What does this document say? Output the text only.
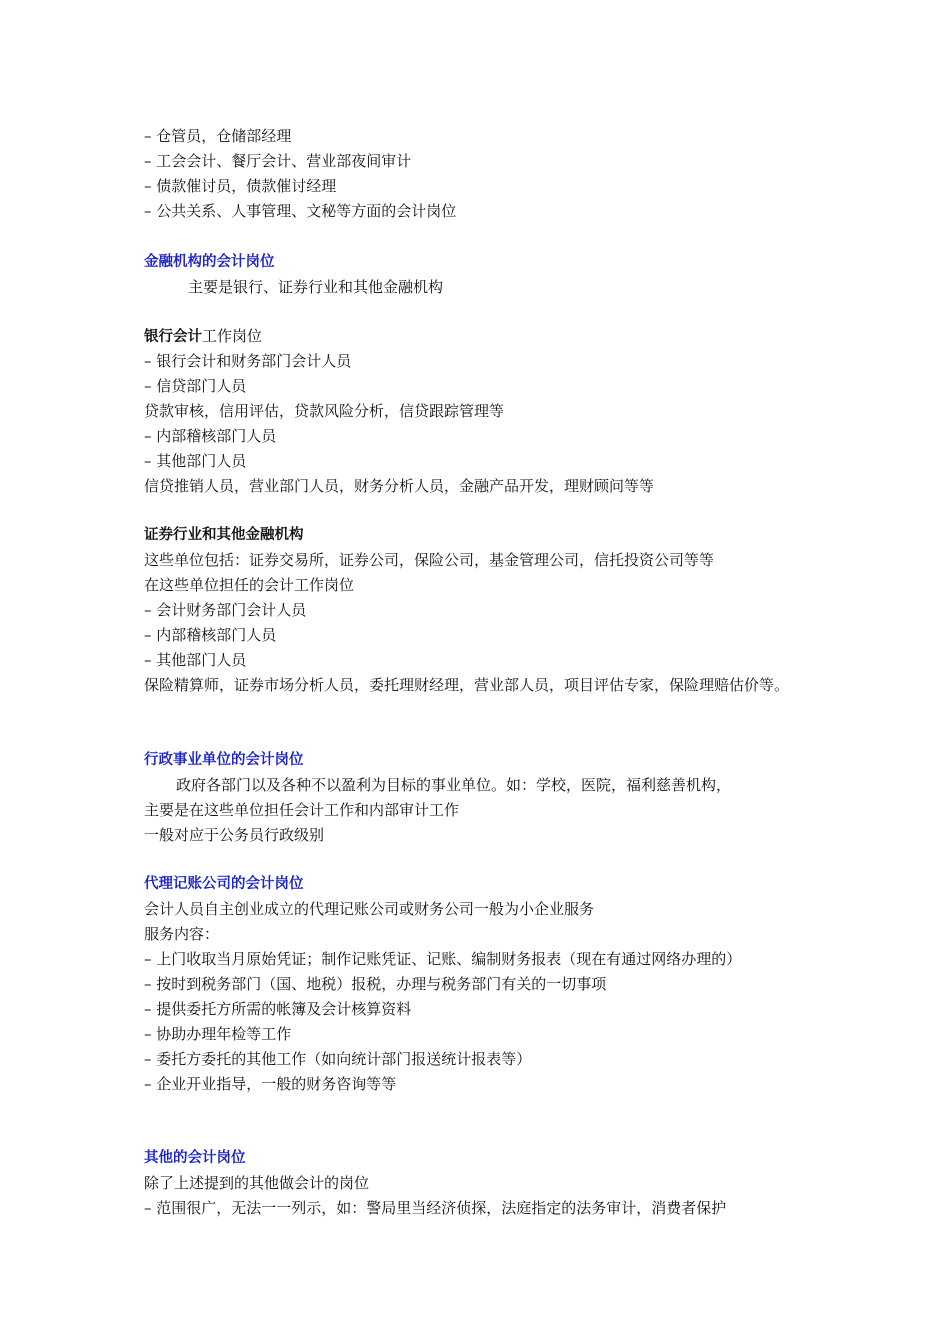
– 仓管员，仓储部经理
– 工会会计、餐厅会计、营业部夜间审计
– 债款催讨员，债款催讨经理
– 公共关系、人事管理、文秘等方面的会计岗位
金融机构的会计岗位
主要是银行、证券行业和其他金融机构
银行会计工作岗位
– 银行会计和财务部门会计人员
– 信贷部门人员
贷款审核，信用评估，贷款风险分析，信贷跟踪管理等
– 内部稽核部门人员
– 其他部门人员
信贷推销人员，营业部门人员，财务分析人员，金融产品开发，理财顾问等等
证券行业和其他金融机构
这些单位包括：证券交易所，证券公司，保险公司，基金管理公司，信托投资公司等等
在这些单位担任的会计工作岗位
– 会计财务部门会计人员
– 内部稽核部门人员
– 其他部门人员
保险精算师，证券市场分析人员，委托理财经理，营业部人员，项目评估专家，保险理赔估价等。
行政事业单位的会计岗位
政府各部门以及各种不以盈利为目标的事业单位。如：学校，医院，福利慈善机构，
主要是在这些单位担任会计工作和内部审计工作
一般对应于公务员行政级别
代理记账公司的会计岗位
会计人员自主创业成立的代理记账公司或财务公司一般为小企业服务
服务内容：
– 上门收取当月原始凭证；制作记账凭证、记账、编制财务报表（现在有通过网络办理的）
– 按时到税务部门（国、地税）报税，办理与税务部门有关的一切事项
– 提供委托方所需的帐簿及会计核算资料
– 协助办理年检等工作
– 委托方委托的其他工作（如向统计部门报送统计报表等）
– 企业开业指导，一般的财务咨询等等
其他的会计岗位
除了上述提到的其他做会计的岗位
– 范围很广，无法一一列示，如：警局里当经济侦探，法庭指定的法务审计，消费者保护
